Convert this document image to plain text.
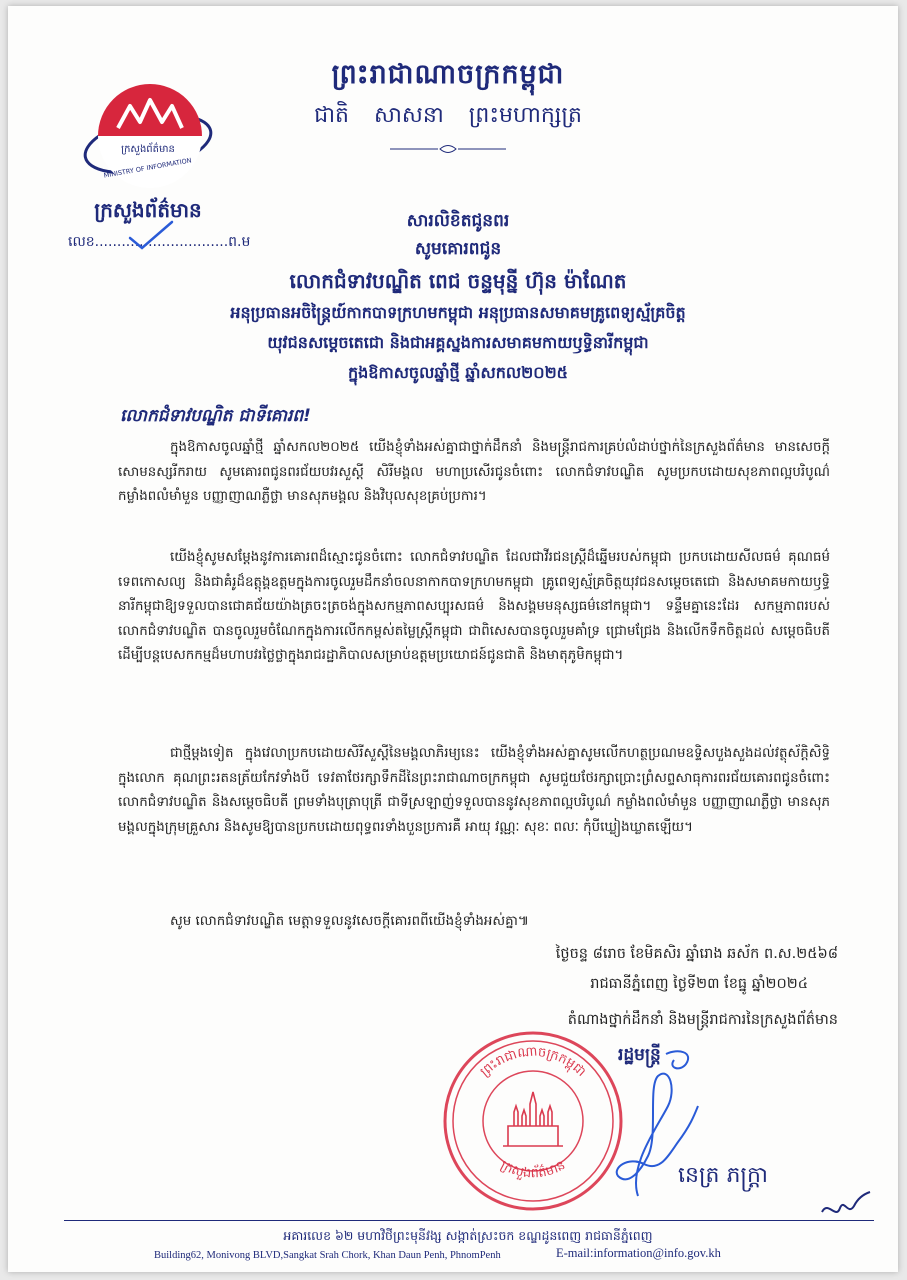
ក្រសួងព័ត៌មាន
MINISTRY OF INFORMATION
ក្រសួងព័ត៌មាន
លេខ..............................ព.ម
ព្រះរាជាណាចក្រកម្ពុជា
ជាតិ សាសនា ព្រះមហាក្សត្រ
សារលិខិតជូនពរ
សូមគោរពជូន
លោកជំទាវបណ្ឌិត ពេជ ចន្ទមុន្នី ហ៊ុន ម៉ាណែត
អនុប្រធានអចិន្ត្រៃយ៍កាកបាទក្រហមកម្ពុជា អនុប្រធានសមាគមគ្រូពេទ្យស្ម័គ្រចិត្ត
យុវជនសម្តេចតេជោ និងជាអគ្គស្នងការសមាគមកាយឫទ្ធិនារីកម្ពុជា
ក្នុងឱកាសចូលឆ្នាំថ្មី ឆ្នាំសកល២០២៥
លោកជំទាវបណ្ឌិត ជាទីគោរព!
ក្នុងឱកាសចូលឆ្នាំថ្មី ឆ្នាំសកល២០២៥ យើងខ្ញុំទាំងអស់គ្នាជាថ្នាក់ដឹកនាំ និងមន្ត្រីរាជការគ្រប់លំដាប់ថ្នាក់នៃក្រសួងព័ត៌មាន មានសេចក្តីសោមនស្សរីករាយ សូមគោរពជូនពរជ័យបវរសួស្តី សិរីមង្គល មហាប្រសើរជូនចំពោះ លោកជំទាវបណ្ឌិត សូមប្រកបដោយសុខភាពល្អបរិបូណ៌ កម្លាំងពលំមាំមួន បញ្ញាញាណភ្លឺថ្លា មានសុភមង្គល និងវិបុលសុខគ្រប់ប្រការ។
យើងខ្ញុំសូមសម្តែងនូវការគោរពដ៏ស្មោះជូនចំពោះ លោកជំទាវបណ្ឌិត ដែលជាវីរជនស្ត្រីដ៏ឆ្នើមរបស់កម្ពុជា ប្រកបដោយសីលធម៌ គុណធម៌ ទេពកោសល្យ និងជាគំរូដ៏ឧត្តុង្គឧត្តមក្នុងការចូលរួមដឹកនាំចលនាកាកបាទក្រហមកម្ពុជា គ្រូពេទ្យស្ម័គ្រចិត្តយុវជនសម្តេចតេជោ និងសមាគមកាយឫទ្ធិនារីកម្ពុជាឱ្យទទួលបានជោគជ័យយ៉ាងត្រចះត្រចង់ក្នុងសកម្មភាពសប្បុរសធម៌ និងសង្គមមនុស្សធម៌នៅកម្ពុជា។ ទន្ទឹមគ្នានេះដែរ សកម្មភាពរបស់ លោកជំទាវបណ្ឌិត បានចូលរួមចំណែកក្នុងការលើកកម្ពស់តម្លៃស្ត្រីកម្ពុជា ជាពិសេសបានចូលរួមគាំទ្រ ជ្រោមជ្រែង និងលើកទឹកចិត្តដល់ សម្តេចធិបតី ដើម្បីបន្តបេសកកម្មដ៏មហាបវរថ្លៃថ្លាក្នុងរាជរដ្ឋាភិបាលសម្រាប់ឧត្តមប្រយោជន៍ជូនជាតិ និងមាតុភូមិកម្ពុជា។
ជាថ្មីម្តងទៀត ក្នុងវេលាប្រកបដោយសិរីសួស្តីនៃមង្គលាភិរម្យនេះ យើងខ្ញុំទាំងអស់គ្នាសូមលើកហត្ថប្រណមឧទ្ទិសបួងសួងដល់វត្ថុស័ក្តិសិទ្ធិក្នុងលោក គុណព្រះរតនត្រ័យកែវទាំងបី ទេវតាថែរក្សាទឹកដីនៃព្រះរាជាណាចក្រកម្ពុជា សូមជួយថែរក្សាប្រោះព្រំសព្ទសាធុការពរជ័យគោរពជូនចំពោះ លោកជំទាវបណ្ឌិត និងសម្តេចធិបតី ព្រមទាំងបុត្រាបុត្រី ជាទីស្រឡាញ់ទទួលបាននូវសុខភាពល្អបរិបូណ៌ កម្លាំងពលំមាំមួន បញ្ញាញាណភ្លឺថ្លា មានសុភមង្គលក្នុងក្រុមគ្រួសារ និងសូមឱ្យបានប្រកបដោយពុទ្ធពរទាំងបួនប្រការគឺ អាយុ វណ្ណៈ សុខៈ ពលៈ កុំបីឃ្លៀងឃ្លាតឡើយ។
សូម លោកជំទាវបណ្ឌិត មេត្តាទទួលនូវសេចក្តីគោរពពីយើងខ្ញុំទាំងអស់គ្នា៕
ថ្ងៃចន្ទ ៨រោច ខែមិគសិរ ឆ្នាំរោង ឆស័ក ព.ស.២៥៦៨
រាជធានីភ្នំពេញ ថ្ងៃទី២៣ ខែធ្នូ ឆ្នាំ២០២៤
តំណាងថ្នាក់ដឹកនាំ និងមន្ត្រីរាជការនៃក្រសួងព័ត៌មាន
ព្រះរាជាណាចក្រកម្ពុជា
ក្រសួងព័ត៌មាន
រដ្ឋមន្ត្រី
នេត្រ ភក្ត្រា
អគារលេខ ៦២ មហាវិថីព្រះមុនីវង្ស សង្កាត់ស្រះចក ខណ្ឌដូនពេញ រាជធានីភ្នំពេញ
Building62, Monivong BLVD,Sangkat Srah Chork, Khan Daun Penh, PhnomPenh	E-mail:information@info.gov.kh
